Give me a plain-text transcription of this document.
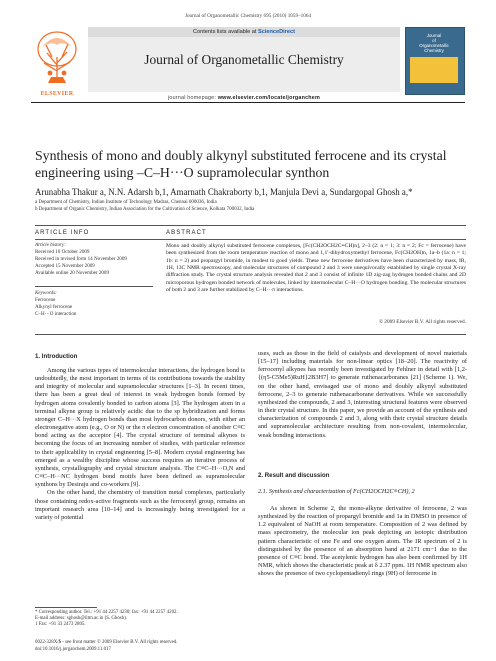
Journal of Organometallic Chemistry 695 (2010) 1059–1064
ELSEVIER
Contents lists available at ScienceDirect
Journal of Organometallic Chemistry
journal homepage: www.elsevier.com/locate/jorganchem
Journal
of
Organometallic
Chemistry
Synthesis of mono and doubly alkynyl substituted ferrocene and its crystal
engineering using –C–H···O supramolecular synthon
Arunabha Thakur a, N.N. Adarsh b,1, Amarnath Chakraborty b,1, Manjula Devi a, Sundargopal Ghosh a,*
a Department of Chemistry, Indian Institute of Technology Madras, Chennai 600036, India
b Department of Organic Chemistry, Indian Association for the Cultivation of Science, Kolkata 700032, India
ARTICLE INFO	ABSTRACT
Article history:
Received 10 October 2009
Received in revised form 14 November 2009
Accepted 15 November 2009
Available online 20 November 2009
Keywords:
Ferrocene
Alkynyl ferrocene
C–H···O interaction
Mono and doubly alkynyl substituted ferrocene complexes, [Fc(CH2OCH2C≡CH)n], 2–3 (2: n = 1; 3: n = 2; Fc = ferrocene) have been synthesized from the room temperature reaction of mono and 1,1′-dihydroxymethyl ferrocene, Fc(CH2OH)n, 1a–b (1a: n = 1; 1b: n = 2) and propargyl bromide, in modest to good yields. These new ferrocene derivatives have been characterized by mass, IR, 1H, 13C NMR spectroscopy, and molecular structures of compound 2 and 3 were unequivocally established by single crystal X-ray diffraction study. The crystal structure analysis revealed that 2 and 3 consist of infinite 1D zig-zag hydrogen bonded chains and 2D microporous hydrogen bonded network of molecules, linked by intermolecular C–H···O hydrogen bonding. The molecular structures of both 2 and 3 are further stabilized by C–H···π interactions.
© 2009 Elsevier B.V. All rights reserved.
1. Introduction

Among the various types of intermolecular interactions, the hydrogen bond is undoubtedly, the most important in terms of its contributions towards the stability and integrity of molecular and supramolecular structures [1–3]. In recent times, there has been a great deal of interest in weak hydrogen bonds formed by hydrogen atoms covalently bonded to carbon atoms [3]. The hydrogen atom in a terminal alkyne group is relatively acidic due to the sp hybridization and forms stronger C–H···X hydrogen bonds than most hydrocarbon donors, with either an electronegative atom (e.g., O or N) or the π electron concentration of another C≡C bond acting as the acceptor [4]. The crystal structure of terminal alkynes is becoming the focus of an increasing number of studies, with particular reference to their applicability in crystal engineering [5–8]. Modern crystal engineering has emerged as a wealthy discipline whose success requires an iterative process of synthesis, crystallography and crystal structure analysis. The C≡C–H···O,N and C≡C–H···NC hydrogen bond motifs have been defined as supramolecular synthons by Desiraju and co-workers [9].

On the other hand, the chemistry of transition metal complexes, particularly those containing redox-active fragments such as the ferrocenyl group, remains an important research area [10–14] and is increasingly being investigated for a variety of potential

uses, such as those in the field of catalysis and development of novel materials [15–17] including materials for non-linear optics [18–20]. The reactivity of ferrocenyl alkynes has recently been investigated by Fehlner in detail with [1,2-{(η5-C5Me5)RuH}2B3H7] to generate ruthenacarboranes [21] (Scheme 1). We, on the other hand, envisaged use of mono and doubly alkynyl substituted ferrocene, 2–3 to generate ruthenacarborane derivatives. While we successfully synthesized the compounds, 2 and 3, interesting structural features were observed in their crystal structure. In this paper, we provide an account of the synthesis and characterization of compounds 2 and 3, along with their crystal structure details and supramolecular architecture resulting from non-covalent, intermolecular, weak bonding interactions.

2. Result and discussion
2.1. Synthesis and characterization of Fc(CH2OCH2C≡CH), 2

As shown in Scheme 2, the mono-alkyne derivative of ferrocene, 2 was synthesized by the reaction of propargyl bromide and 1a in DMSO in presence of 1.2 equivalent of NaOH at room temperature. Composition of 2 was defined by mass spectrometry, the molecular ion peak depicting an isotopic distribution pattern characteristic of one Fe and one oxygen atom. The IR spectrum of 2 is distinguished by the presence of an absorption band at 2171 cm−1 due to the presence of C≡C bond. The acetylenic hydrogen has also been confirmed by 1H NMR, which shows the characteristic peak at δ 2.37 ppm. 1H NMR spectrum also shows the presence of two cyclopentadienyl rings (9H) of ferrocene in

* Corresponding author. Tel.: +91 44 2257 4230; fax: +91 44 2257 4202.
E-mail address: sghosh@iitm.ac.in (S. Ghosh).
1 Fax: +91 33 2473 2805.
0022-328X/$ - see front matter © 2009 Elsevier B.V. All rights reserved.
doi:10.1016/j.jorganchem.2009.11.017
